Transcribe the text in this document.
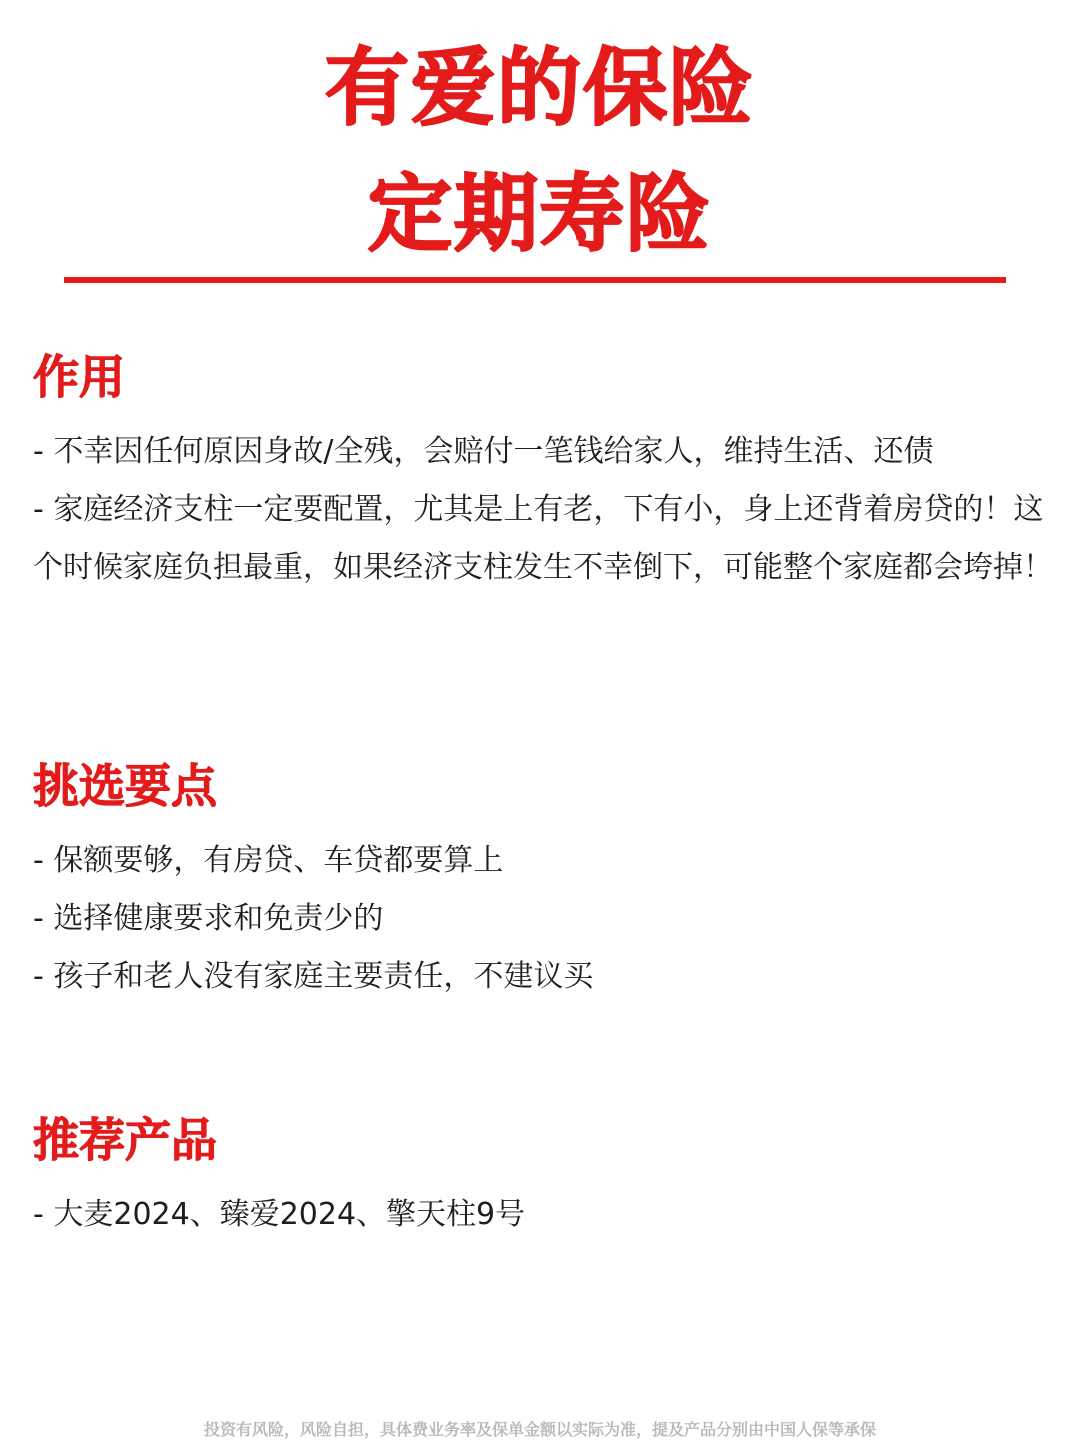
有爱的保险
定期寿险
作用

- 不幸因任何原因身故/全残，会赔付一笔钱给家人，维持生活、还债

- 家庭经济支柱一定要配置，尤其是上有老，下有小，身上还背着房贷的！这个时候家庭负担最重，如果经济支柱发生不幸倒下，可能整个家庭都会垮掉！

挑选要点

- 保额要够，有房贷、车贷都要算上

- 选择健康要求和免责少的

- 孩子和老人没有家庭主要责任，不建议买

推荐产品

- 大麦2024、臻爱2024、擎天柱9号

投资有风险，风险自担，具体费业务率及保单金额以实际为准，提及产品分别由中国人保等承保
